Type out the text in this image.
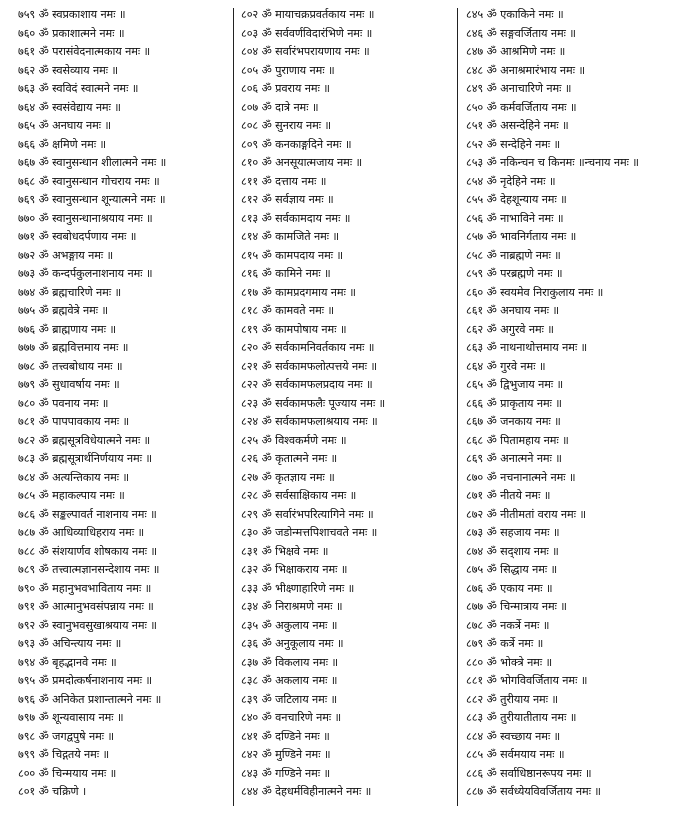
७५९ ॐ स्वप्रकाशाय नमः ॥
७६० ॐ प्रकाशात्मने नमः ॥
७६१ ॐ परासंवेदनात्मकाय नमः ॥
७६२ ॐ स्वसेव्याय नमः ॥
७६३ ॐ स्वविदं स्वात्मने नमः ॥
७६४ ॐ स्वसंवेद्याय नमः ॥
७६५ ॐ अनघाय नमः ॥
७६६ ॐ क्षमिणे नमः ॥
७६७ ॐ स्वानुसन्धान शीलात्मने नमः ॥
७६८ ॐ स्वानुसन्धान गोचराय नमः ॥
७६९ ॐ स्वानुसन्धान शून्यात्मने नमः ॥
७७० ॐ स्वानुसन्धानाश्रयाय नमः ॥
७७१ ॐ स्वबोधदर्पणाय नमः ॥
७७२ ॐ अभङ्गाय नमः ॥
७७३ ॐ कन्दर्पकुलनाशनाय नमः ॥
७७४ ॐ ब्रह्मचारिणे नमः ॥
७७५ ॐ ब्रह्मवेत्रे नमः ॥
७७६ ॐ ब्राह्मणाय नमः ॥
७७७ ॐ ब्रह्मवित्तमाय नमः ॥
७७८ ॐ तत्त्वबोधाय नमः ॥
७७९ ॐ सुधावर्षाय नमः ॥
७८० ॐ पवनाय नमः ॥
७८१ ॐ पापपावकाय नमः ॥
७८२ ॐ ब्रह्मसूत्रविधेयात्मने नमः ॥
७८३ ॐ ब्रह्मसूत्रार्थनिर्णयाय नमः ॥
७८४ ॐ अत्यन्तिकाय नमः ॥
७८५ ॐ महाकल्पाय नमः ॥
७८६ ॐ सङ्कल्पावर्त नाशनाय नमः ॥
७८७ ॐ आधिव्याधिहराय नमः ॥
७८८ ॐ संशयार्णव शोषकाय नमः ॥
७८९ ॐ तत्त्वात्मज्ञानसन्देशाय नमः ॥
७९० ॐ महानुभवभाविताय नमः ॥
७९१ ॐ आत्मानुभवसंपन्नाय नमः ॥
७९२ ॐ स्वानुभवसुखाश्रयाय नमः ॥
७९३ ॐ अचिन्त्याय नमः ॥
७९४ ॐ बृहद्भानवे नमः ॥
७९५ ॐ प्रमदोत्कर्षनाशनाय नमः ॥
७९६ ॐ अनिकेत प्रशान्तात्मने नमः ॥
७९७ ॐ शून्यवासाय नमः ॥
७९८ ॐ जगद्वपुषे नमः ॥
७९९ ॐ चिद्गतये नमः ॥
८०० ॐ चिन्मयाय नमः ॥
८०१ ॐ चक्रिणे ।
८०२ ॐ मायाचक्रप्रवर्तकाय नमः ॥
८०३ ॐ सर्ववर्णविदारंभिणे नमः ॥
८०४ ॐ सर्वारंभपरायणाय नमः ॥
८०५ ॐ पुराणाय नमः ॥
८०६ ॐ प्रवराय नमः ॥
८०७ ॐ दात्रे नमः ॥
८०८ ॐ सुनराय नमः ॥
८०९ ॐ कनकाङ्गदिने नमः ॥
८१० ॐ अनसूयात्मजाय नमः ॥
८११ ॐ दत्ताय नमः ॥
८१२ ॐ सर्वज्ञाय नमः ॥
८१३ ॐ सर्वकामदाय नमः ॥
८१४ ॐ कामजिते नमः ॥
८१५ ॐ कामपदाय नमः ॥
८१६ ॐ कामिने नमः ॥
८१७ ॐ कामप्रदगमाय नमः ॥
८१८ ॐ कामवते नमः ॥
८१९ ॐ कामपोषाय नमः ॥
८२० ॐ सर्वकामनिवर्तकाय नमः ॥
८२१ ॐ सर्वकामफलोत्पत्तये नमः ॥
८२२ ॐ सर्वकामफलप्रदाय नमः ॥
८२३ ॐ सर्वकामफलैः पूज्याय नमः ॥
८२४ ॐ सर्वकामफलाश्रयाय नमः ॥
८२५ ॐ विश्वकर्मणे नमः ॥
८२६ ॐ कृतात्मने नमः ॥
८२७ ॐ कृतज्ञाय नमः ॥
८२८ ॐ सर्वसाक्षिकाय नमः ॥
८२९ ॐ सर्वारंभपरित्यागिने नमः ॥
८३० ॐ जडोन्मत्तपिशाचवते नमः ॥
८३१ ॐ भिक्षवे नमः ॥
८३२ ॐ भिक्षाकराय नमः ॥
८३३ ॐ भीक्ष्णाहारिणे नमः ॥
८३४ ॐ निराश्रमणे नमः ॥
८३५ ॐ अकुलाय नमः ॥
८३६ ॐ अनुकूलाय नमः ॥
८३७ ॐ विकलाय नमः ॥
८३८ ॐ अकलाय नमः ॥
८३९ ॐ जटिलाय नमः ॥
८४० ॐ वनचारिणे नमः ॥
८४१ ॐ दण्डिने नमः ॥
८४२ ॐ मुण्डिने नमः ॥
८४३ ॐ गण्डिने नमः ॥
८४४ ॐ देहधर्मविहीनात्मने नमः ॥
८४५ ॐ एकाकिने नमः ॥
८४६ ॐ सङ्गवर्जिताय नमः ॥
८४७ ॐ आश्रमिणे नमः ॥
८४८ ॐ अनाश्रमारंभाय नमः ॥
८४९ ॐ अनाचारिणे नमः ॥
८५० ॐ कर्मवर्जिताय नमः ॥
८५१ ॐ असन्देहिने नमः ॥
८५२ ॐ सन्देहिने नमः ॥
८५३ ॐ नकिन्चन च किनमः ॥न्चनाय नमः ॥
८५४ ॐ नृदेहिने नमः ॥
८५५ ॐ देहशून्याय नमः ॥
८५६ ॐ नाभाविने नमः ॥
८५७ ॐ भावनिर्गताय नमः ॥
८५८ ॐ नाब्रह्मणे नमः ॥
८५९ ॐ परब्रह्मणे नमः ॥
८६० ॐ स्वयमेव निराकुलाय नमः ॥
८६१ ॐ अनघाय नमः ॥
८६२ ॐ अगुरवे नमः ॥
८६३ ॐ नाथनाथोत्तमाय नमः ॥
८६४ ॐ गुरवे नमः ॥
८६५ ॐ द्विभुजाय नमः ॥
८६६ ॐ प्राकृताय नमः ॥
८६७ ॐ जनकाय नमः ॥
८६८ ॐ पितामहाय नमः ॥
८६९ ॐ अनात्मने नमः ॥
८७० ॐ नचनानात्मने नमः ॥
८७१ ॐ नीतये नमः ॥
८७२ ॐ नीतीमतां वराय नमः ॥
८७३ ॐ सहजाय नमः ॥
८७४ ॐ सद्शाय नमः ॥
८७५ ॐ सिद्धाय नमः ॥
८७६ ॐ एकाय नमः ॥
८७७ ॐ चिन्मात्राय नमः ॥
८७८ ॐ नकर्त्रे नमः ॥
८७९ ॐ कर्त्रे नमः ॥
८८० ॐ भोक्त्रे नमः ॥
८८१ ॐ भोगविवर्जिताय नमः ॥
८८२ ॐ तुरीयाय नमः ॥
८८३ ॐ तुरीयातीताय नमः ॥
८८४ ॐ स्वच्छाय नमः ॥
८८५ ॐ सर्वमयाय नमः ॥
८८६ ॐ सर्वाधिष्ठानरूपय नमः ॥
८८७ ॐ सर्वध्येयविवर्जिताय नमः ॥
